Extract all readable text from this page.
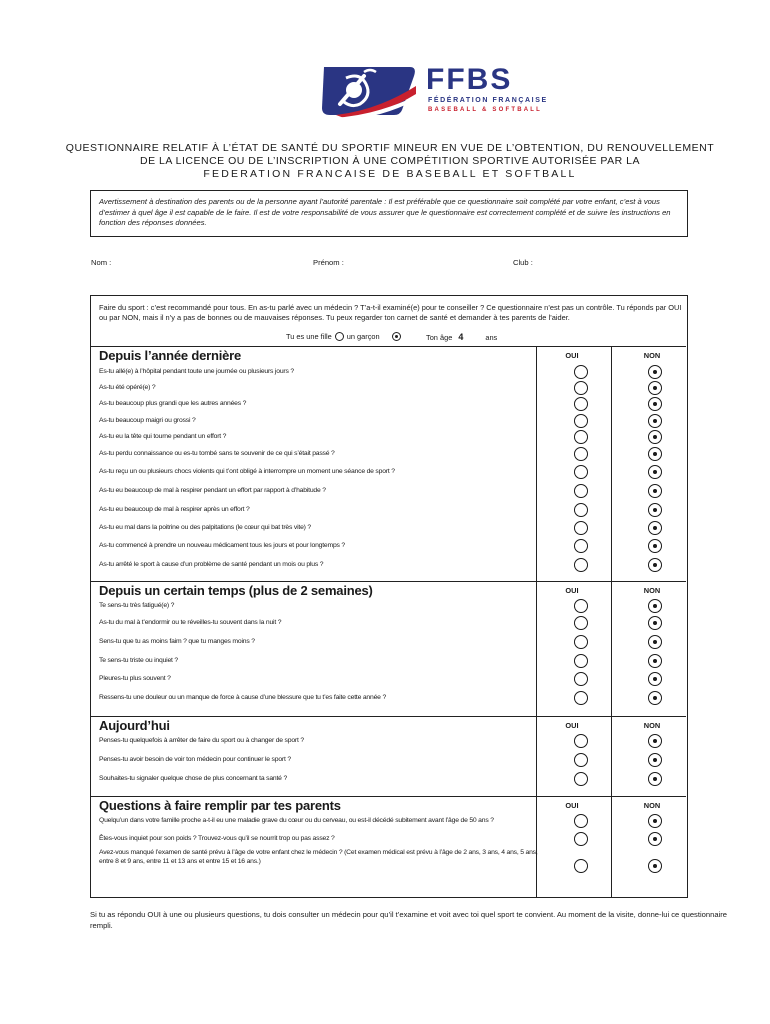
FFBS
FÉDÉRATION FRANÇAISE
BASEBALL & SOFTBALL
QUESTIONNAIRE RELATIF À L’ÉTAT DE SANTÉ DU SPORTIF MINEUR EN VUE DE L’OBTENTION, DU RENOUVELLEMENT
DE LA LICENCE OU DE L’INSCRIPTION À UNE COMPÉTITION SPORTIVE AUTORISÉE PAR LA
FEDERATION FRANCAISE DE BASEBALL ET SOFTBALL
Avertissement à destination des parents ou de la personne ayant l’autorité parentale : Il est préférable que ce questionnaire soit complété par votre enfant, c’est à vous d’estimer à quel âge il est capable de le faire. Il est de votre responsabilité de vous assurer que le questionnaire est correctement complété et de suivre les instructions en fonction des réponses données.
Nom :	Prénom :	Club :
Faire du sport : c’est recommandé pour tous. En as-tu parlé avec un médecin ? T’a-t-il examiné(e) pour te conseiller ? Ce questionnaire n’est pas un contrôle. Tu réponds par OUI ou par NON, mais il n’y a pas de bonnes ou de mauvaises réponses. Tu peux regarder ton carnet de santé et demander à tes parents de l’aider.
Tu es une fille un garçon	Ton âge 4	ans
Depuis l’année dernière	OUI	NON
Es-tu allé(e) à l’hôpital pendant toute une journée ou plusieurs jours ?
As-tu été opéré(e) ?
As-tu beaucoup plus grandi que les autres années ?
As-tu beaucoup maigri ou grossi ?
As-tu eu la tête qui tourne pendant un effort ?
As-tu perdu connaissance ou es-tu tombé sans te souvenir de ce qui s’était passé ?
As-tu reçu un ou plusieurs chocs violents qui t’ont obligé à interrompre un moment une séance de sport ?
As-tu eu beaucoup de mal à respirer pendant un effort par rapport à d’habitude ?
As-tu eu beaucoup de mal à respirer après un effort ?
As-tu eu mal dans la poitrine ou des palpitations (le cœur qui bat très vite) ?
As-tu commencé à prendre un nouveau médicament tous les jours et pour longtemps ?
As-tu arrêté le sport à cause d’un problème de santé pendant un mois ou plus ?
Depuis un certain temps (plus de 2 semaines)	OUI	NON
Te sens-tu très fatigué(e) ?
As-tu du mal à t’endormir ou te réveilles-tu souvent dans la nuit ?
Sens-tu que tu as moins faim ? que tu manges moins ?
Te sens-tu triste ou inquiet ?
Pleures-tu plus souvent ?
Ressens-tu une douleur ou un manque de force à cause d’une blessure que tu t’es faite cette année ?
Aujourd’hui	OUI	NON
Penses-tu quelquefois à arrêter de faire du sport ou à changer de sport ?
Penses-tu avoir besoin de voir ton médecin pour continuer le sport ?
Souhaites-tu signaler quelque chose de plus concernant ta santé ?
Questions à faire remplir par tes parents	OUI	NON
Quelqu’un dans votre famille proche a-t-il eu une maladie grave du cœur ou du cerveau, ou est-il décédé subitement avant l’âge de 50 ans ?
Êtes-vous inquiet pour son poids ? Trouvez-vous qu’il se nourrit trop ou pas assez ?
Avez-vous manqué l’examen de santé prévu à l’âge de votre enfant chez le médecin ? (Cet examen médical est prévu à l’âge de 2 ans, 3 ans, 4 ans, 5 ans, entre 8 et 9 ans, entre 11 et 13 ans et entre 15 et 16 ans.)
Si tu as répondu OUI à une ou plusieurs questions, tu dois consulter un médecin pour qu’il t’examine et voit avec toi quel sport te convient. Au moment de la visite, donne-lui ce questionnaire rempli.
